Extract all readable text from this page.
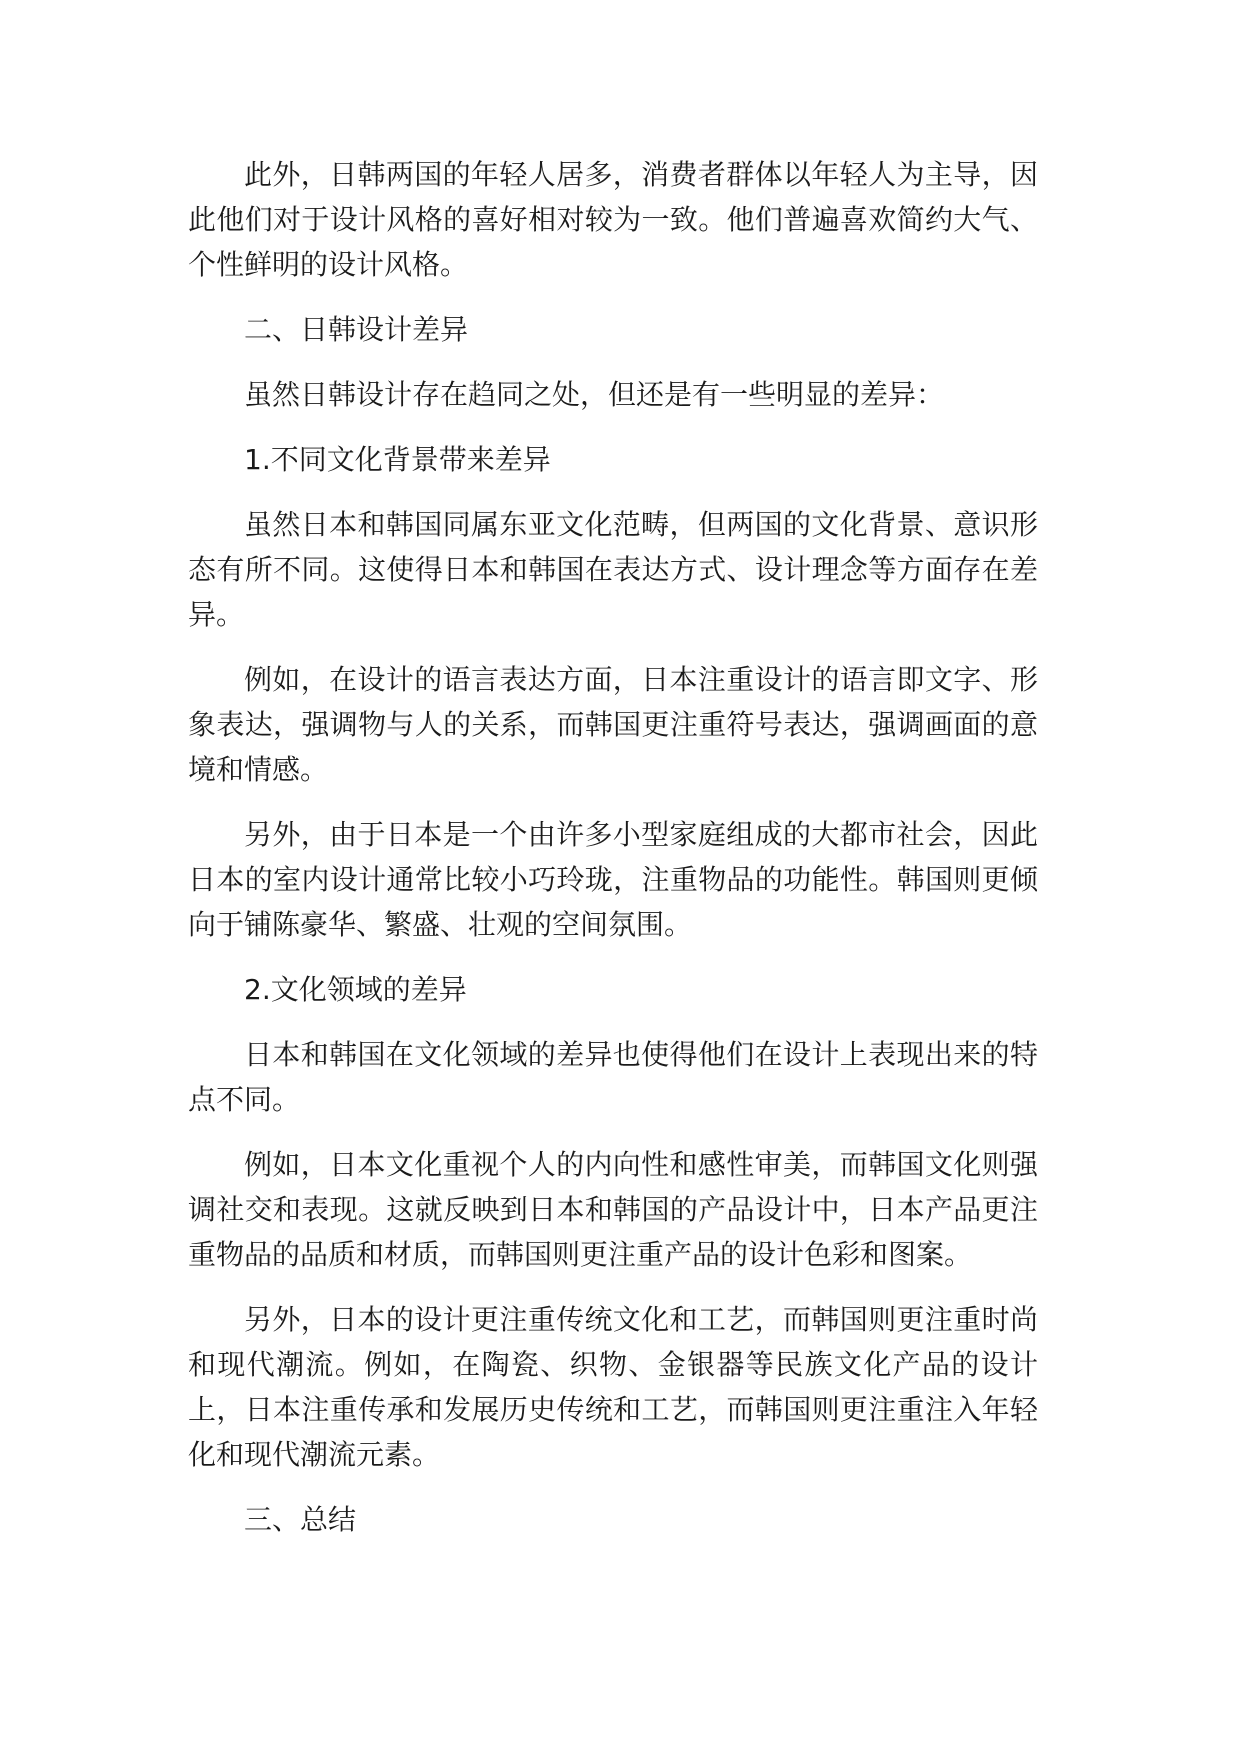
此外，日韩两国的年轻人居多，消费者群体以年轻人为主导，因此他们对于设计风格的喜好相对较为一致。他们普遍喜欢简约大气、个性鲜明的设计风格。

二、日韩设计差异

虽然日韩设计存在趋同之处，但还是有一些明显的差异：

1.不同文化背景带来差异

虽然日本和韩国同属东亚文化范畴，但两国的文化背景、意识形态有所不同。这使得日本和韩国在表达方式、设计理念等方面存在差异。

例如，在设计的语言表达方面，日本注重设计的语言即文字、形象表达，强调物与人的关系，而韩国更注重符号表达，强调画面的意境和情感。

另外，由于日本是一个由许多小型家庭组成的大都市社会，因此日本的室内设计通常比较小巧玲珑，注重物品的功能性。韩国则更倾向于铺陈豪华、繁盛、壮观的空间氛围。

2.文化领域的差异

日本和韩国在文化领域的差异也使得他们在设计上表现出来的特点不同。

例如，日本文化重视个人的内向性和感性审美，而韩国文化则强调社交和表现。这就反映到日本和韩国的产品设计中，日本产品更注重物品的品质和材质，而韩国则更注重产品的设计色彩和图案。

另外，日本的设计更注重传统文化和工艺，而韩国则更注重时尚和现代潮流。例如，在陶瓷、织物、金银器等民族文化产品的设计上，日本注重传承和发展历史传统和工艺，而韩国则更注重注入年轻化和现代潮流元素。

三、总结
